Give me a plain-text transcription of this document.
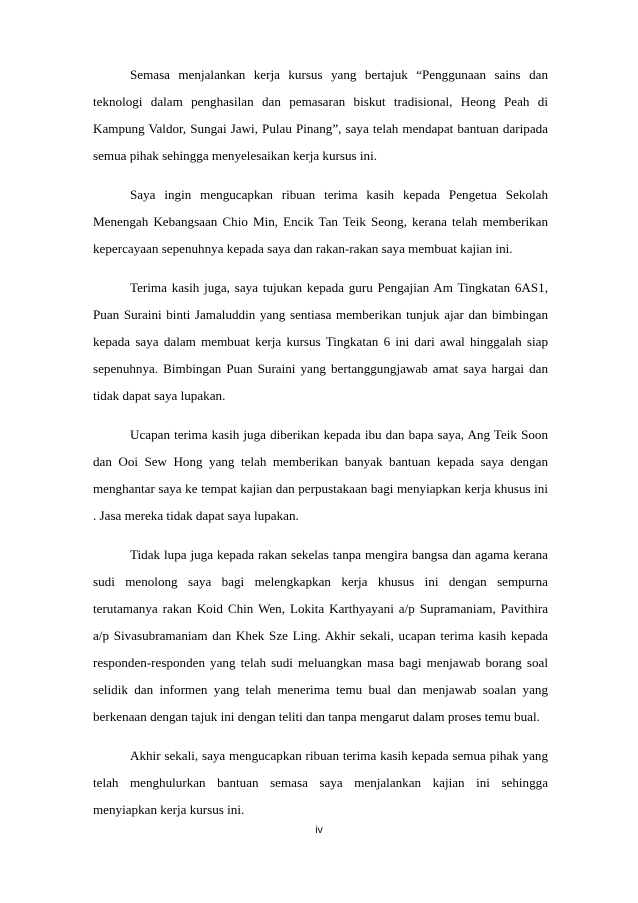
Semasa menjalankan kerja kursus yang bertajuk “Penggunaan sains dan teknologi dalam penghasilan dan pemasaran biskut tradisional, Heong Peah di Kampung Valdor, Sungai Jawi, Pulau Pinang”, saya telah mendapat bantuan daripada semua pihak sehingga menyelesaikan kerja kursus ini.

Saya ingin mengucapkan ribuan terima kasih kepada Pengetua Sekolah Menengah Kebangsaan Chio Min, Encik Tan Teik Seong, kerana telah memberikan kepercayaan sepenuhnya kepada saya dan rakan-rakan saya membuat kajian ini.

Terima kasih juga, saya tujukan kepada guru Pengajian Am Tingkatan 6AS1, Puan Suraini binti Jamaluddin yang sentiasa memberikan tunjuk ajar dan bimbingan kepada saya dalam membuat kerja kursus Tingkatan 6 ini dari awal hinggalah siap sepenuhnya. Bimbingan Puan Suraini yang bertanggungjawab amat saya hargai dan tidak dapat saya lupakan.

Ucapan terima kasih juga diberikan kepada ibu dan bapa saya, Ang Teik Soon dan Ooi Sew Hong yang telah memberikan banyak bantuan kepada saya dengan menghantar saya ke tempat kajian dan perpustakaan bagi menyiapkan kerja khusus ini . Jasa mereka tidak dapat saya lupakan.

Tidak lupa juga kepada rakan sekelas tanpa mengira bangsa dan agama kerana sudi menolong saya bagi melengkapkan kerja khusus ini dengan sempurna terutamanya rakan Koid Chin Wen, Lokita Karthyayani a/p Supramaniam, Pavithira a/p Sivasubramaniam dan Khek Sze Ling. Akhir sekali, ucapan terima kasih kepada responden-responden yang telah sudi meluangkan masa bagi menjawab borang soal selidik dan informen yang telah menerima temu bual dan menjawab soalan yang berkenaan dengan tajuk ini dengan teliti dan tanpa mengarut dalam proses temu bual.

Akhir sekali, saya mengucapkan ribuan terima kasih kepada semua pihak yang telah menghulurkan bantuan semasa saya menjalankan kajian ini sehingga menyiapkan kerja kursus ini.

iv
